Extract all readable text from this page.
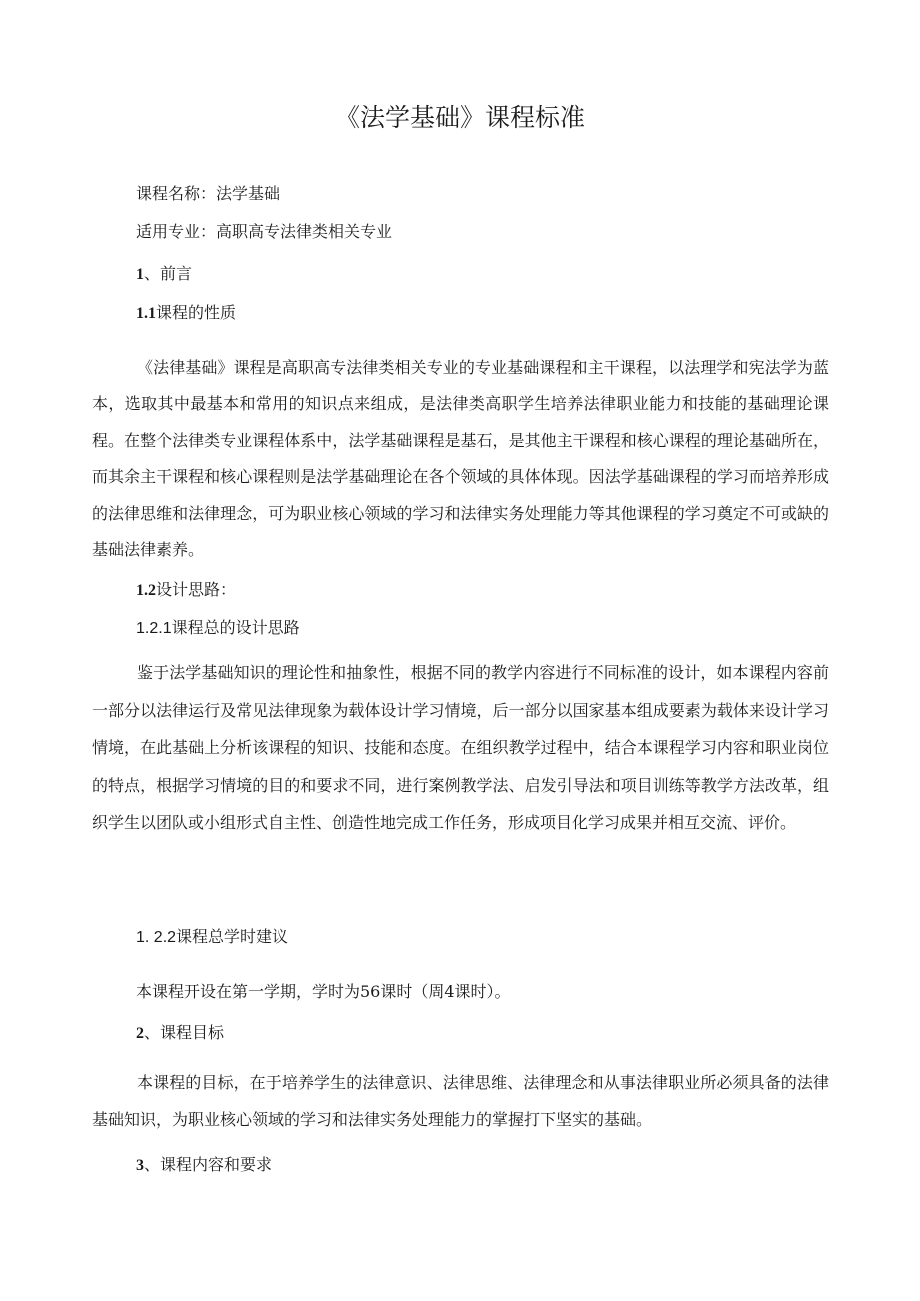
《法学基础》课程标准
课程名称：法学基础
适用专业：高职高专法律类相关专业
1、前言
1.1课程的性质

《法律基础》课程是高职高专法律类相关专业的专业基础课程和主干课程，以法理学和宪法学为蓝本，选取其中最基本和常用的知识点来组成，是法律类高职学生培养法律职业能力和技能的基础理论课程。在整个法律类专业课程体系中，法学基础课程是基石，是其他主干课程和核心课程的理论基础所在，而其余主干课程和核心课程则是法学基础理论在各个领域的具体体现。因法学基础课程的学习而培养形成的法律思维和法律理念，可为职业核心领域的学习和法律实务处理能力等其他课程的学习奠定不可或缺的基础法律素养。

1.2设计思路：
1.2.1课程总的设计思路

鉴于法学基础知识的理论性和抽象性，根据不同的教学内容进行不同标准的设计，如本课程内容前一部分以法律运行及常见法律现象为载体设计学习情境，后一部分以国家基本组成要素为载体来设计学习情境，在此基础上分析该课程的知识、技能和态度。在组织教学过程中，结合本课程学习内容和职业岗位的特点，根据学习情境的目的和要求不同，进行案例教学法、启发引导法和项目训练等教学方法改革，组织学生以团队或小组形式自主性、创造性地完成工作任务，形成项目化学习成果并相互交流、评价。

1. 2.2课程总学时建议
本课程开设在第一学期，学时为56课时（周4课时）。
2、课程目标

本课程的目标，在于培养学生的法律意识、法律思维、法律理念和从事法律职业所必须具备的法律基础知识，为职业核心领域的学习和法律实务处理能力的掌握打下坚实的基础。

3、课程内容和要求
